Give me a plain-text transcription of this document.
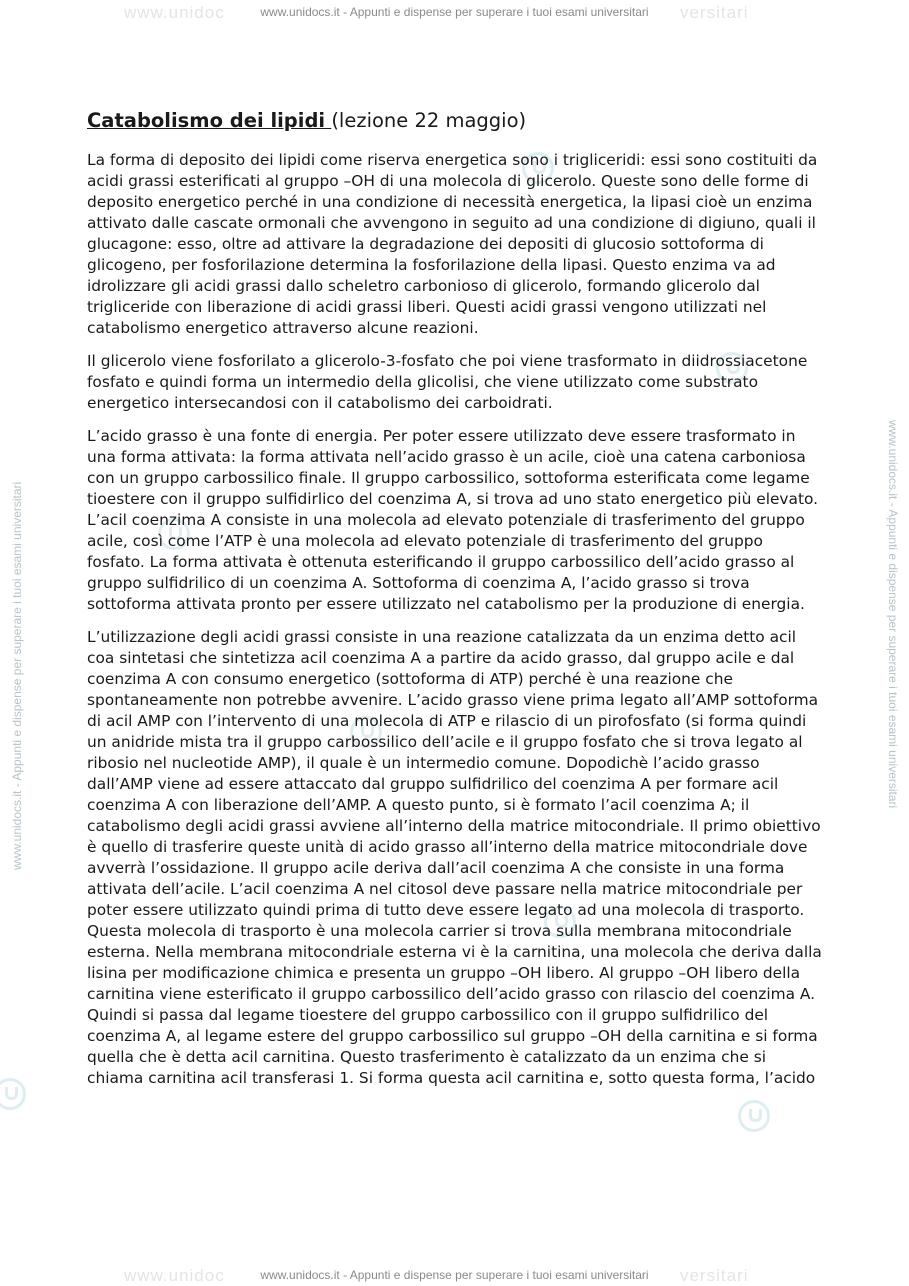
www.unidoc	versitari
www.unidocs.it - Appunti e dispense per superare i tuoi esami universitari
www.unidocs.it - Appunti e dispense per superare i tuoi esami universitari	www.unidocs.it - Appunti e dispense per superare i tuoi esami universitari
Catabolismo dei lipidi (lezione 22 maggio)

La forma di deposito dei lipidi come riserva energetica sono i trigliceridi: essi sono costituiti da acidi grassi esterificati al gruppo –OH di una molecola di glicerolo. Queste sono delle forme di deposito energetico perché in una condizione di necessità energetica, la lipasi cioè un enzima attivato dalle cascate ormonali che avvengono in seguito ad una condizione di digiuno, quali il glucagone: esso, oltre ad attivare la degradazione dei depositi di glucosio sottoforma di glicogeno, per fosforilazione determina la fosforilazione della lipasi. Questo enzima va ad idrolizzare gli acidi grassi dallo scheletro carbonioso di glicerolo, formando glicerolo dal trigliceride con liberazione di acidi grassi liberi. Questi acidi grassi vengono utilizzati nel catabolismo energetico attraverso alcune reazioni.

Il glicerolo viene fosforilato a glicerolo-3-fosfato che poi viene trasformato in diidrossiacetone fosfato e quindi forma un intermedio della glicolisi, che viene utilizzato come substrato energetico intersecandosi con il catabolismo dei carboidrati.

L’acido grasso è una fonte di energia. Per poter essere utilizzato deve essere trasformato in una forma attivata: la forma attivata nell’acido grasso è un acile, cioè una catena carboniosa con un gruppo carbossilico finale. Il gruppo carbossilico, sottoforma esterificata come legame tioestere con il gruppo sulfidirlico del coenzima A, si trova ad uno stato energetico più elevato. L’acil coenzima A consiste in una molecola ad elevato potenziale di trasferimento del gruppo acile, così come l’ATP è una molecola ad elevato potenziale di trasferimento del gruppo fosfato. La forma attivata è ottenuta esterificando il gruppo carbossilico dell’acido grasso al gruppo sulfidrilico di un coenzima A. Sottoforma di coenzima A, l’acido grasso si trova sottoforma attivata pronto per essere utilizzato nel catabolismo per la produzione di energia.

L’utilizzazione degli acidi grassi consiste in una reazione catalizzata da un enzima detto acil coa sintetasi che sintetizza acil coenzima A a partire da acido grasso, dal gruppo acile e dal coenzima A con consumo energetico (sottoforma di ATP) perché è una reazione che spontaneamente non potrebbe avvenire. L’acido grasso viene prima legato all’AMP sottoforma di acil AMP con l’intervento di una molecola di ATP e rilascio di un pirofosfato (si forma quindi un anidride mista tra il gruppo carbossilico dell’acile e il gruppo fosfato che si trova legato al ribosio nel nucleotide AMP), il quale è un intermedio comune. Dopodichè l’acido grasso dall’AMP viene ad essere attaccato dal gruppo sulfidrilico del coenzima A per formare acil coenzima A con liberazione dell’AMP. A questo punto, si è formato l’acil coenzima A; il catabolismo degli acidi grassi avviene all’interno della matrice mitocondriale. Il primo obiettivo è quello di trasferire queste unità di acido grasso all’interno della matrice mitocondriale dove avverrà l’ossidazione. Il gruppo acile deriva dall’acil coenzima A che consiste in una forma attivata dell’acile. L’acil coenzima A nel citosol deve passare nella matrice mitocondriale per poter essere utilizzato quindi prima di tutto deve essere legato ad una molecola di trasporto. Questa molecola di trasporto è una molecola carrier si trova sulla membrana mitocondriale esterna. Nella membrana mitocondriale esterna vi è la carnitina, una molecola che deriva dalla lisina per modificazione chimica e presenta un gruppo –OH libero. Al gruppo –OH libero della carnitina viene esterificato il gruppo carbossilico dell’acido grasso con rilascio del coenzima A. Quindi si passa dal legame tioestere del gruppo carbossilico con il gruppo sulfidrilico del coenzima A, al legame estere del gruppo carbossilico sul gruppo –OH della carnitina e si forma quella che è detta acil carnitina. Questo trasferimento è catalizzato da un enzima che si chiama carnitina acil transferasi 1. Si forma questa acil carnitina e, sotto questa forma, l’acido

www.unidoc	versitari
www.unidocs.it - Appunti e dispense per superare i tuoi esami universitari
